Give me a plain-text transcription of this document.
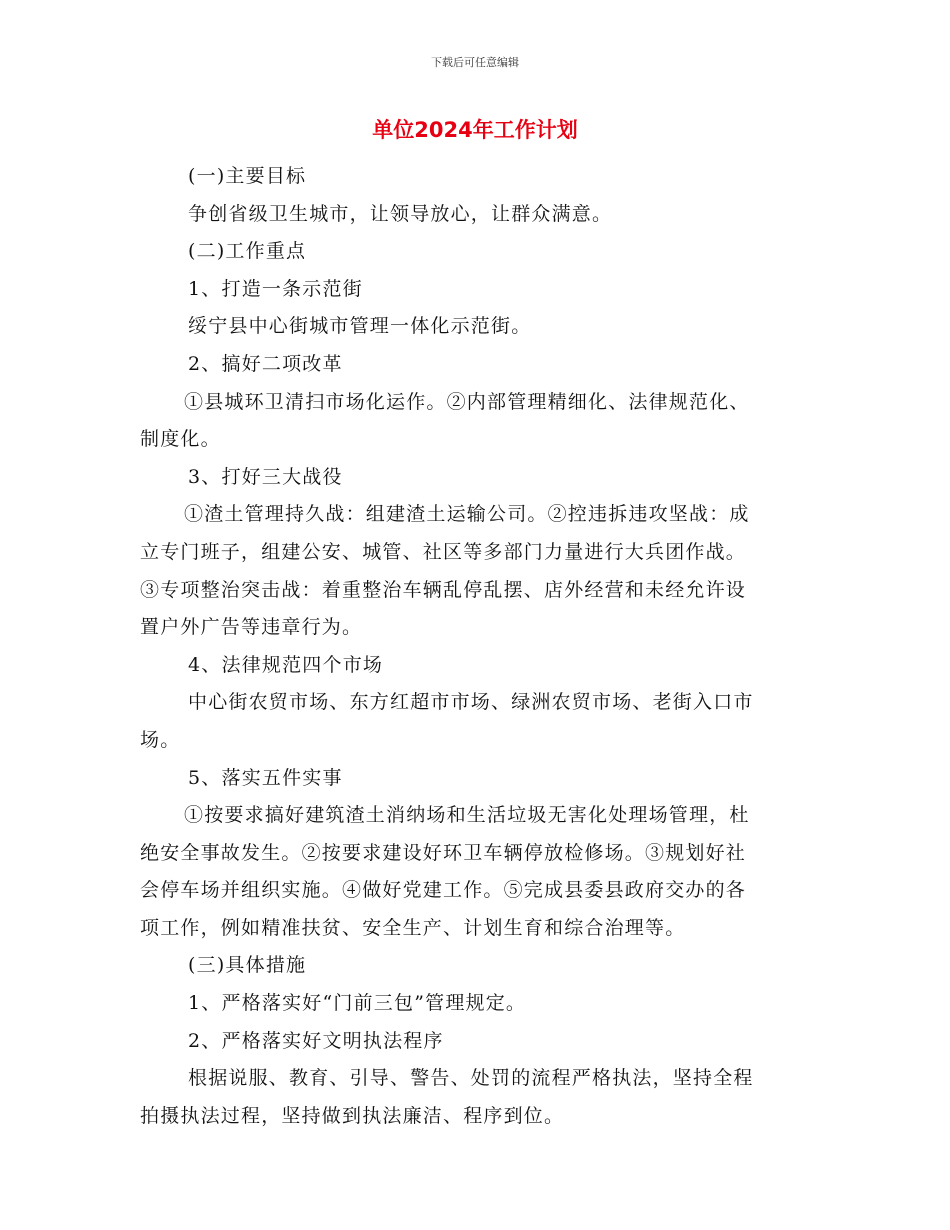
下载后可任意编辑
单位2024年工作计划
(一)主要目标
争创省级卫生城市，让领导放心，让群众满意。
(二)工作重点
1、打造一条示范街
绥宁县中心街城市管理一体化示范街。
2、搞好二项改革
①县城环卫清扫市场化运作。②内部管理精细化、法律规范化、
制度化。
3、打好三大战役
①渣土管理持久战：组建渣土运输公司。②控违拆违攻坚战：成
立专门班子，组建公安、城管、社区等多部门力量进行大兵团作战。
③专项整治突击战：着重整治车辆乱停乱摆、店外经营和未经允许设
置户外广告等违章行为。
4、法律规范四个市场
中心街农贸市场、东方红超市市场、绿洲农贸市场、老街入口市
场。
5、落实五件实事
①按要求搞好建筑渣土消纳场和生活垃圾无害化处理场管理，杜
绝安全事故发生。②按要求建设好环卫车辆停放检修场。③规划好社
会停车场并组织实施。④做好党建工作。⑤完成县委县政府交办的各
项工作，例如精准扶贫、安全生产、计划生育和综合治理等。
(三)具体措施
1、严格落实好“门前三包”管理规定。
2、严格落实好文明执法程序
根据说服、教育、引导、警告、处罚的流程严格执法，坚持全程
拍摄执法过程，坚持做到执法廉洁、程序到位。
